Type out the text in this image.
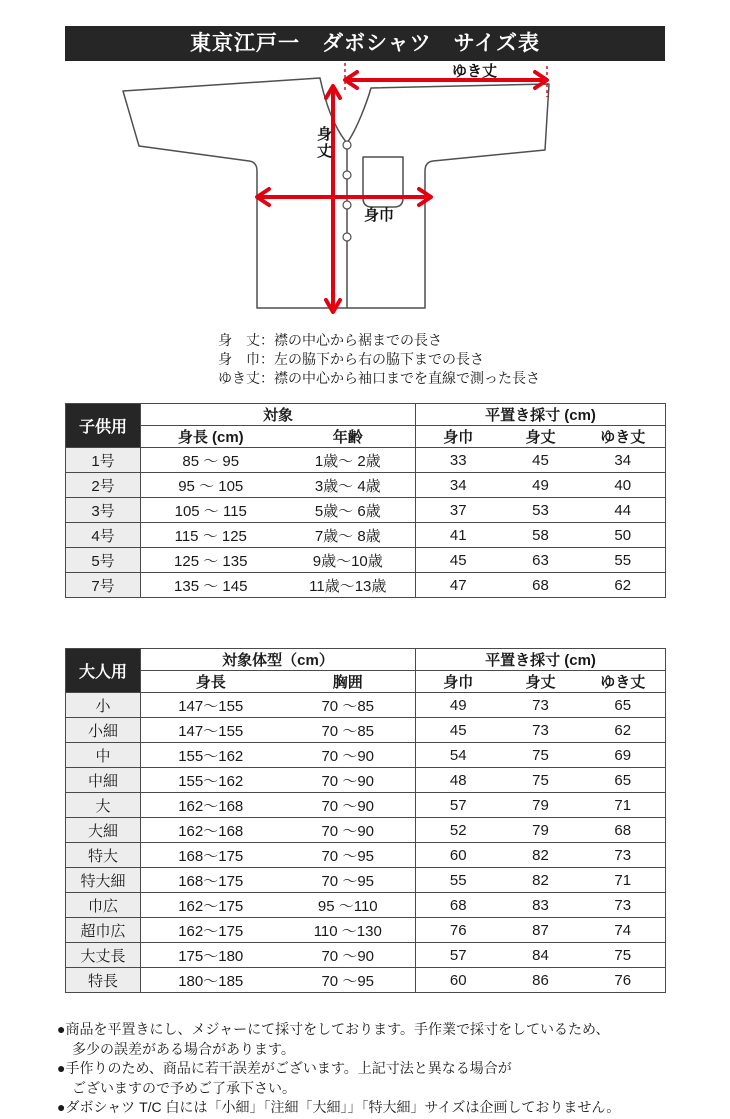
東京江戸一　ダボシャツ　サイズ表
ゆき丈
身丈
身巾
身　丈：襟の中心から裾までの長さ
身　巾：左の脇下から右の脇下までの長さ
ゆき丈：襟の中心から袖口までを直線で測った長さ
子供用	対象		平置き採寸 (cm)		
	身長 (cm)	年齢	身巾	身丈	ゆき丈
1号	85 ～ 95	1歳～ 2歳	33	45	34
2号	95 ～ 105	3歳～ 4歳	34	49	40
3号	105 ～ 115	5歳～ 6歳	37	53	44
4号	115 ～ 125	7歳～ 8歳	41	58	50
5号	125 ～ 135	9歳～10歳	45	63	55
7号	135 ～ 145	11歳～13歳	47	68	62
大人用	対象体型（cm）		平置き採寸 (cm)		
	身長	胸囲	身巾	身丈	ゆき丈
小	147～155	70 ～85	49	73	65
小細	147～155	70 ～85	45	73	62
中	155～162	70 ～90	54	75	69
中細	155～162	70 ～90	48	75	65
大	162～168	70 ～90	57	79	71
大細	162～168	70 ～90	52	79	68
特大	168～175	70 ～95	60	82	73
特大細	168～175	70 ～95	55	82	71
巾広	162～175	95 ～110	68	83	73
超巾広	162～175	110 ～130	76	87	74
大丈長	175～180	70 ～90	57	84	75
特長	180～185	70 ～95	60	86	76
●商品を平置きにし、メジャーにて採寸をしております。手作業で採寸をしているため、
多少の誤差がある場合があります。
●手作りのため、商品に若干誤差がございます。上記寸法と異なる場合が
ございますので予めご了承下さい。
●ダボシャツ T/C 白には「小細」「注細「大細」」「特大細」サイズは企画しておりません。
